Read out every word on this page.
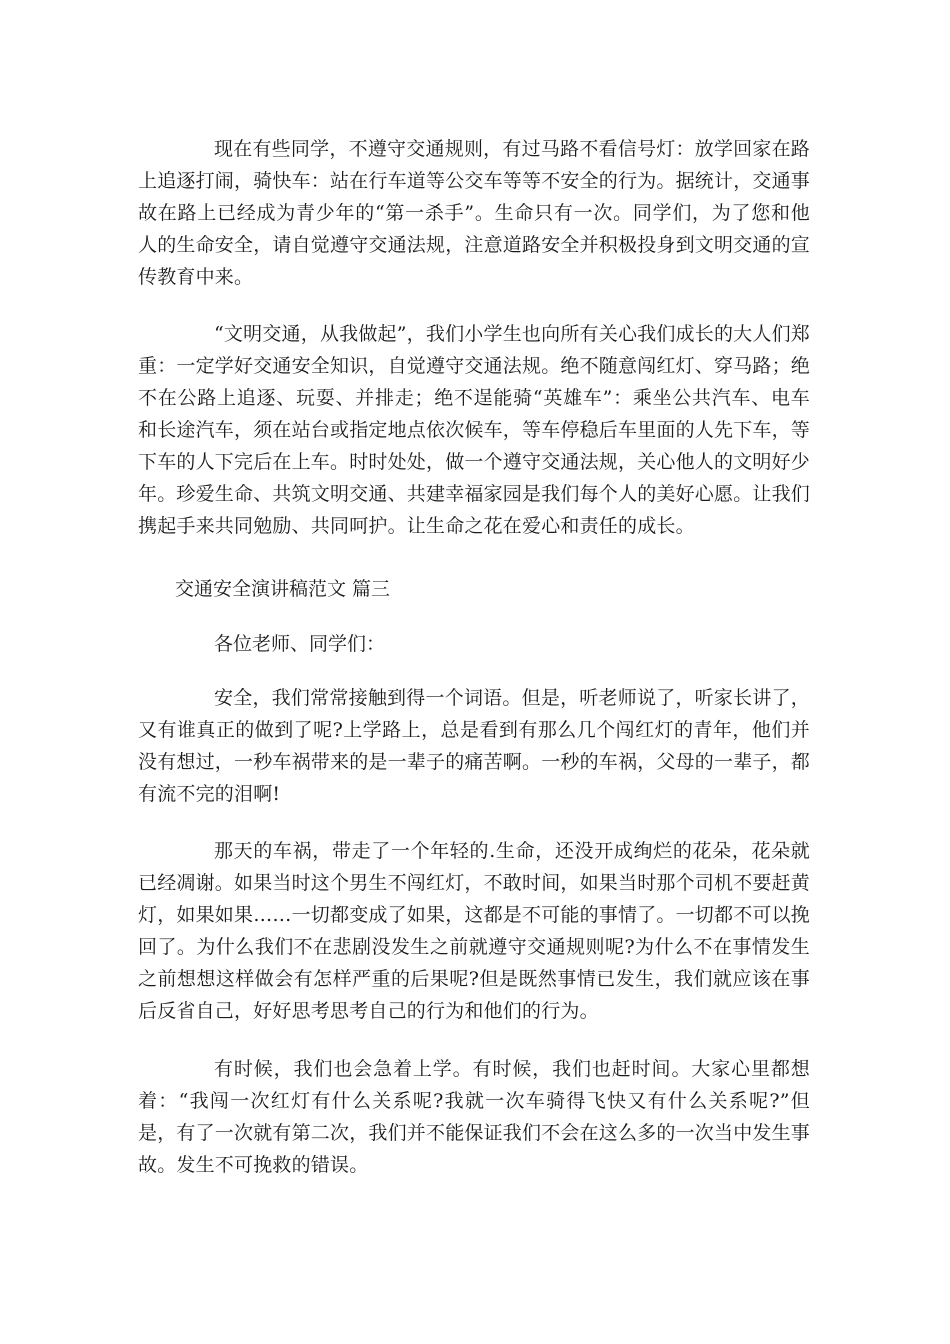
现在有些同学，不遵守交通规则，有过马路不看信号灯：放学回家在路上追逐打闹，骑快车：站在行车道等公交车等等不安全的行为。据统计，交通事故在路上已经成为青少年的“第一杀手”。生命只有一次。同学们，为了您和他人的生命安全，请自觉遵守交通法规，注意道路安全并积极投身到文明交通的宣传教育中来。

“文明交通，从我做起”，我们小学生也向所有关心我们成长的大人们郑重：一定学好交通安全知识，自觉遵守交通法规。绝不随意闯红灯、穿马路；绝不在公路上追逐、玩耍、并排走；绝不逞能骑“英雄车”：乘坐公共汽车、电车和长途汽车，须在站台或指定地点依次候车，等车停稳后车里面的人先下车，等下车的人下完后在上车。时时处处，做一个遵守交通法规，关心他人的文明好少年。珍爱生命、共筑文明交通、共建幸福家园是我们每个人的美好心愿。让我们携起手来共同勉励、共同呵护。让生命之花在爱心和责任的成长。

交通安全演讲稿范文 篇三

各位老师、同学们：

安全，我们常常接触到得一个词语。但是，听老师说了，听家长讲了，又有谁真正的做到了呢?上学路上，总是看到有那么几个闯红灯的青年，他们并没有想过，一秒车祸带来的是一辈子的痛苦啊。一秒的车祸，父母的一辈子，都有流不完的泪啊!

那天的车祸，带走了一个年轻的.生命，还没开成绚烂的花朵，花朵就已经凋谢。如果当时这个男生不闯红灯，不敢时间，如果当时那个司机不要赶黄灯，如果如果……一切都变成了如果，这都是不可能的事情了。一切都不可以挽回了。为什么我们不在悲剧没发生之前就遵守交通规则呢?为什么不在事情发生之前想想这样做会有怎样严重的后果呢?但是既然事情已发生，我们就应该在事后反省自己，好好思考思考自己的行为和他们的行为。

有时候，我们也会急着上学。有时候，我们也赶时间。大家心里都想着：“我闯一次红灯有什么关系呢?我就一次车骑得飞快又有什么关系呢?”但是，有了一次就有第二次，我们并不能保证我们不会在这么多的一次当中发生事故。发生不可挽救的错误。
